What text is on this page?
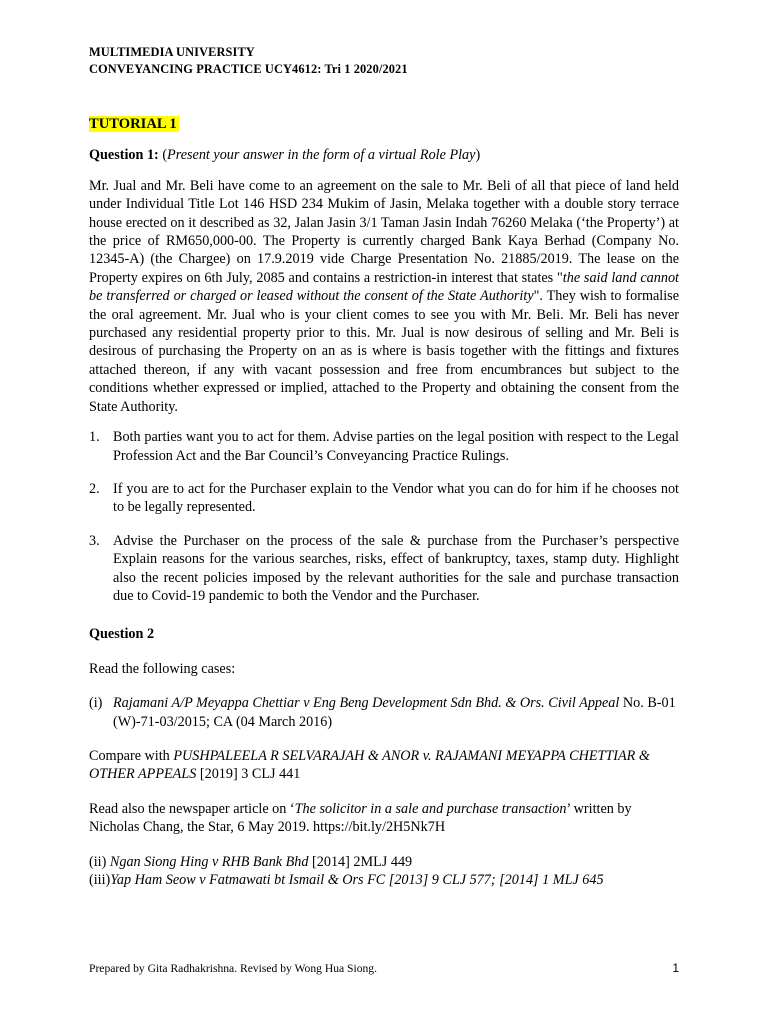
MULTIMEDIA UNIVERSITY
CONVEYANCING PRACTICE UCY4612: Tri 1 2020/2021
TUTORIAL 1
Question 1: (Present your answer in the form of a virtual Role Play)
Mr. Jual and Mr. Beli have come to an agreement on the sale to Mr. Beli of all that piece of land held under Individual Title Lot 146 HSD 234 Mukim of Jasin, Melaka together with a double story terrace house erected on it described as 32, Jalan Jasin 3/1 Taman Jasin Indah 76260 Melaka (‘the Property’) at the price of RM650,000-00. The Property is currently charged Bank Kaya Berhad (Company No. 12345-A) (the Chargee) on 17.9.2019 vide Charge Presentation No. 21885/2019. The lease on the Property expires on 6th July, 2085 and contains a restriction-in interest that states "the said land cannot be transferred or charged or leased without the consent of the State Authority". They wish to formalise the oral agreement. Mr. Jual who is your client comes to see you with Mr. Beli. Mr. Beli has never purchased any residential property prior to this. Mr. Jual is now desirous of selling and Mr. Beli is desirous of purchasing the Property on an as is where is basis together with the fittings and fixtures attached thereon, if any with vacant possession and free from encumbrances but subject to the conditions whether expressed or implied, attached to the Property and obtaining the consent from the State Authority.
1. Both parties want you to act for them. Advise parties on the legal position with respect to the Legal Profession Act and the Bar Council’s Conveyancing Practice Rulings.
2. If you are to act for the Purchaser explain to the Vendor what you can do for him if he chooses not to be legally represented.
3. Advise the Purchaser on the process of the sale & purchase from the Purchaser’s perspective Explain reasons for the various searches, risks, effect of bankruptcy, taxes, stamp duty. Highlight also the recent policies imposed by the relevant authorities for the sale and purchase transaction due to Covid-19 pandemic to both the Vendor and the Purchaser.
Question 2
Read the following cases:
(i) Rajamani A/P Meyappa Chettiar v Eng Beng Development Sdn Bhd. & Ors. Civil Appeal No. B-01 (W)-71-03/2015; CA (04 March 2016)
Compare with PUSHPALEELA R SELVARAJAH & ANOR v. RAJAMANI MEYAPPA CHETTIAR & OTHER APPEALS [2019] 3 CLJ 441
Read also the newspaper article on ‘The solicitor in a sale and purchase transaction’ written by Nicholas Chang, the Star, 6 May 2019. https://bit.ly/2H5Nk7H
(ii) Ngan Siong Hing v RHB Bank Bhd [2014] 2MLJ 449
(iii)Yap Ham Seow v Fatmawati bt Ismail & Ors FC [2013] 9 CLJ 577; [2014] 1 MLJ 645
Prepared by Gita Radhakrishna. Revised by Wong Hua Siong.	1
